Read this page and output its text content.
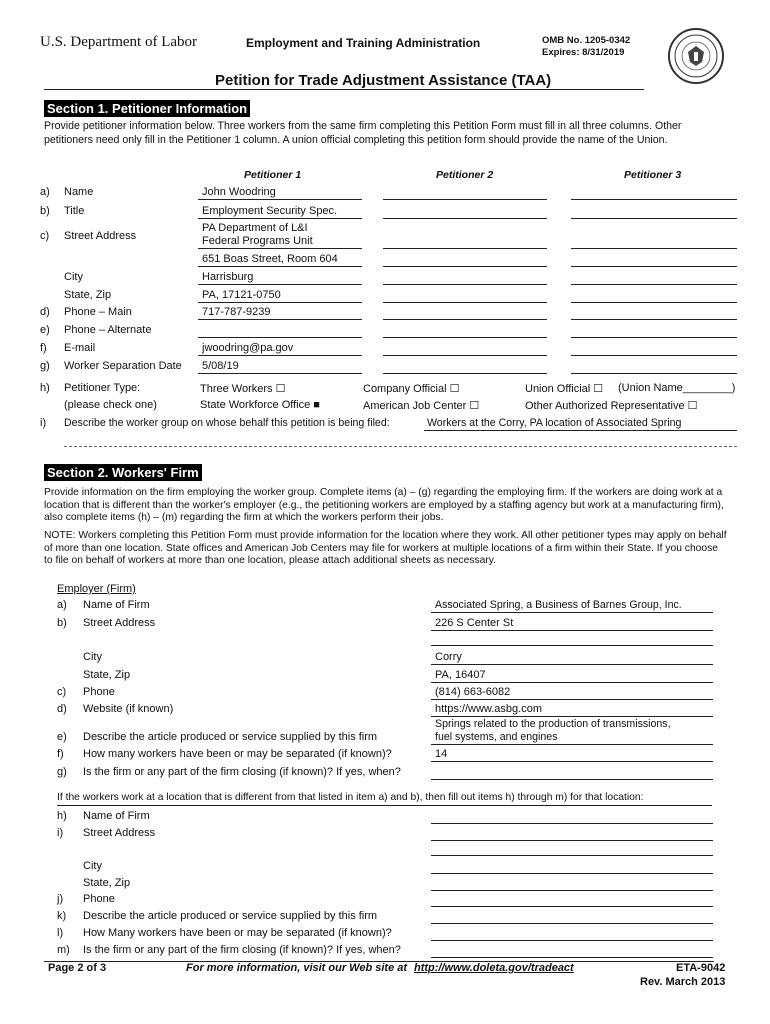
U.S. Department of Labor	Employment and Training Administration	OMB No. 1205-0342
Expires: 8/31/2019
Petition for Trade Adjustment Assistance (TAA)
Section 1. Petitioner Information
Provide petitioner information below. Three workers from the same firm completing this Petition Form must fill in all three columns. Other petitioners need only fill in the Petitioner 1 column. A union official completing this petition form should provide the name of the Union.
Petitioner 1	Petitioner 2	Petitioner 3
a) Name	John Woodring
b) Title	Employment Security Spec.
c) Street Address
PA Department of L&I
Federal Programs Unit
651 Boas Street, Room 604
City	Harrisburg
State, Zip	PA, 17121-0750
d) Phone – Main	717-787-9239
e) Phone – Alternate
f) E-mail	jwoodring@pa.gov
g) Worker Separation Date 5/08/19
h) Petitioner Type:
(please check one)
Three Workers ☐	Company Official ☐	Union Official ☐ (Union Name________)
State Workforce Office ■	American Job Center ☐	Other Authorized Representative ☐
i) Describe the worker group on whose behalf this petition is being filed:	Workers at the Corry, PA location of Associated Spring
Section 2. Workers' Firm
Provide information on the firm employing the worker group. Complete items (a) – (g) regarding the employing firm. If the workers are doing work at a location that is different than the worker's employer (e.g., the petitioning workers are employed by a staffing agency but work at a manufacturing firm), also complete items (h) – (m) regarding the firm at which the workers perform their jobs.
NOTE: Workers completing this Petition Form must provide information for the location where they work. All other petitioner types may apply on behalf of more than one location. State offices and American Job Centers may file for workers at multiple locations of a firm within their State. If you choose to file on behalf of workers at more than one location, please attach additional sheets as necessary.
Employer (Firm)
a) Name of Firm	Associated Spring, a Business of Barnes Group, Inc.
b) Street Address	226 S Center St
City	Corry
State, Zip	PA, 16407
c) Phone	(814) 663-6082
d) Website (if known)	https://www.asbg.com
e) Describe the article produced or service supplied by this firm
Springs related to the production of transmissions,
fuel systems, and engines
f) How many workers have been or may be separated (if known)?	14
g) Is the firm or any part of the firm closing (if known)? If yes, when?
If the workers work at a location that is different from that listed in item a) and b), then fill out items h) through m) for that location:
h) Name of Firm
i) Street Address
City
State, Zip
j) Phone
k) Describe the article produced or service supplied by this firm
l) How Many workers have been or may be separated (if known)?
m) Is the firm or any part of the firm closing (if known)? If yes, when?
Page 2 of 3	For more information, visit our Web site at http://www.doleta.gov/tradeact	ETA-9042
Rev. March 2013
